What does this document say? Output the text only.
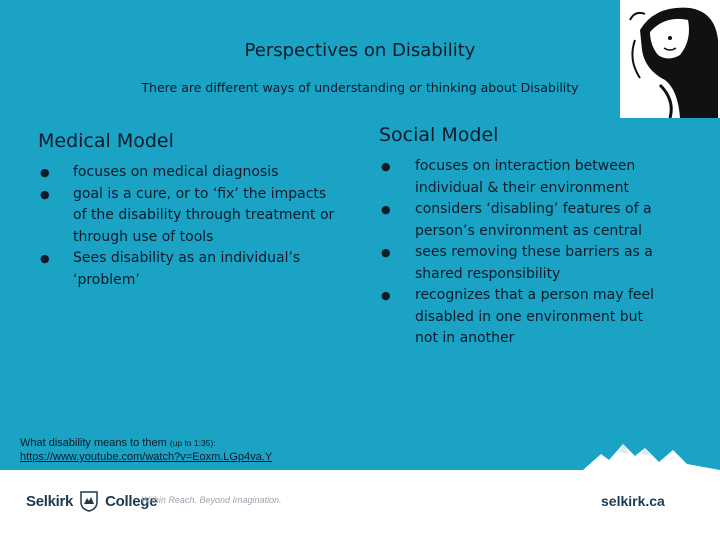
Perspectives on Disability
There are different ways of understanding or thinking about Disability
Medical Model
● focuses on medical diagnosis
● goal is a cure, or to ‘fix’ the impacts of the disability through treatment or through use of tools
● Sees disability as an individual’s ‘problem’
Social Model
● focuses on interaction between individual & their environment
● considers ‘disabling’ features of a person’s environment as central
● sees removing these barriers as a shared responsibility
● recognizes that a person may feel disabled in one environment but not in another
What disability means to them (up to 1:35):
https://www.youtube.com/watch?v=Eoxm.LGp4va.Y
Selkirk College
Within Reach. Beyond Imagination.	selkirk.ca
